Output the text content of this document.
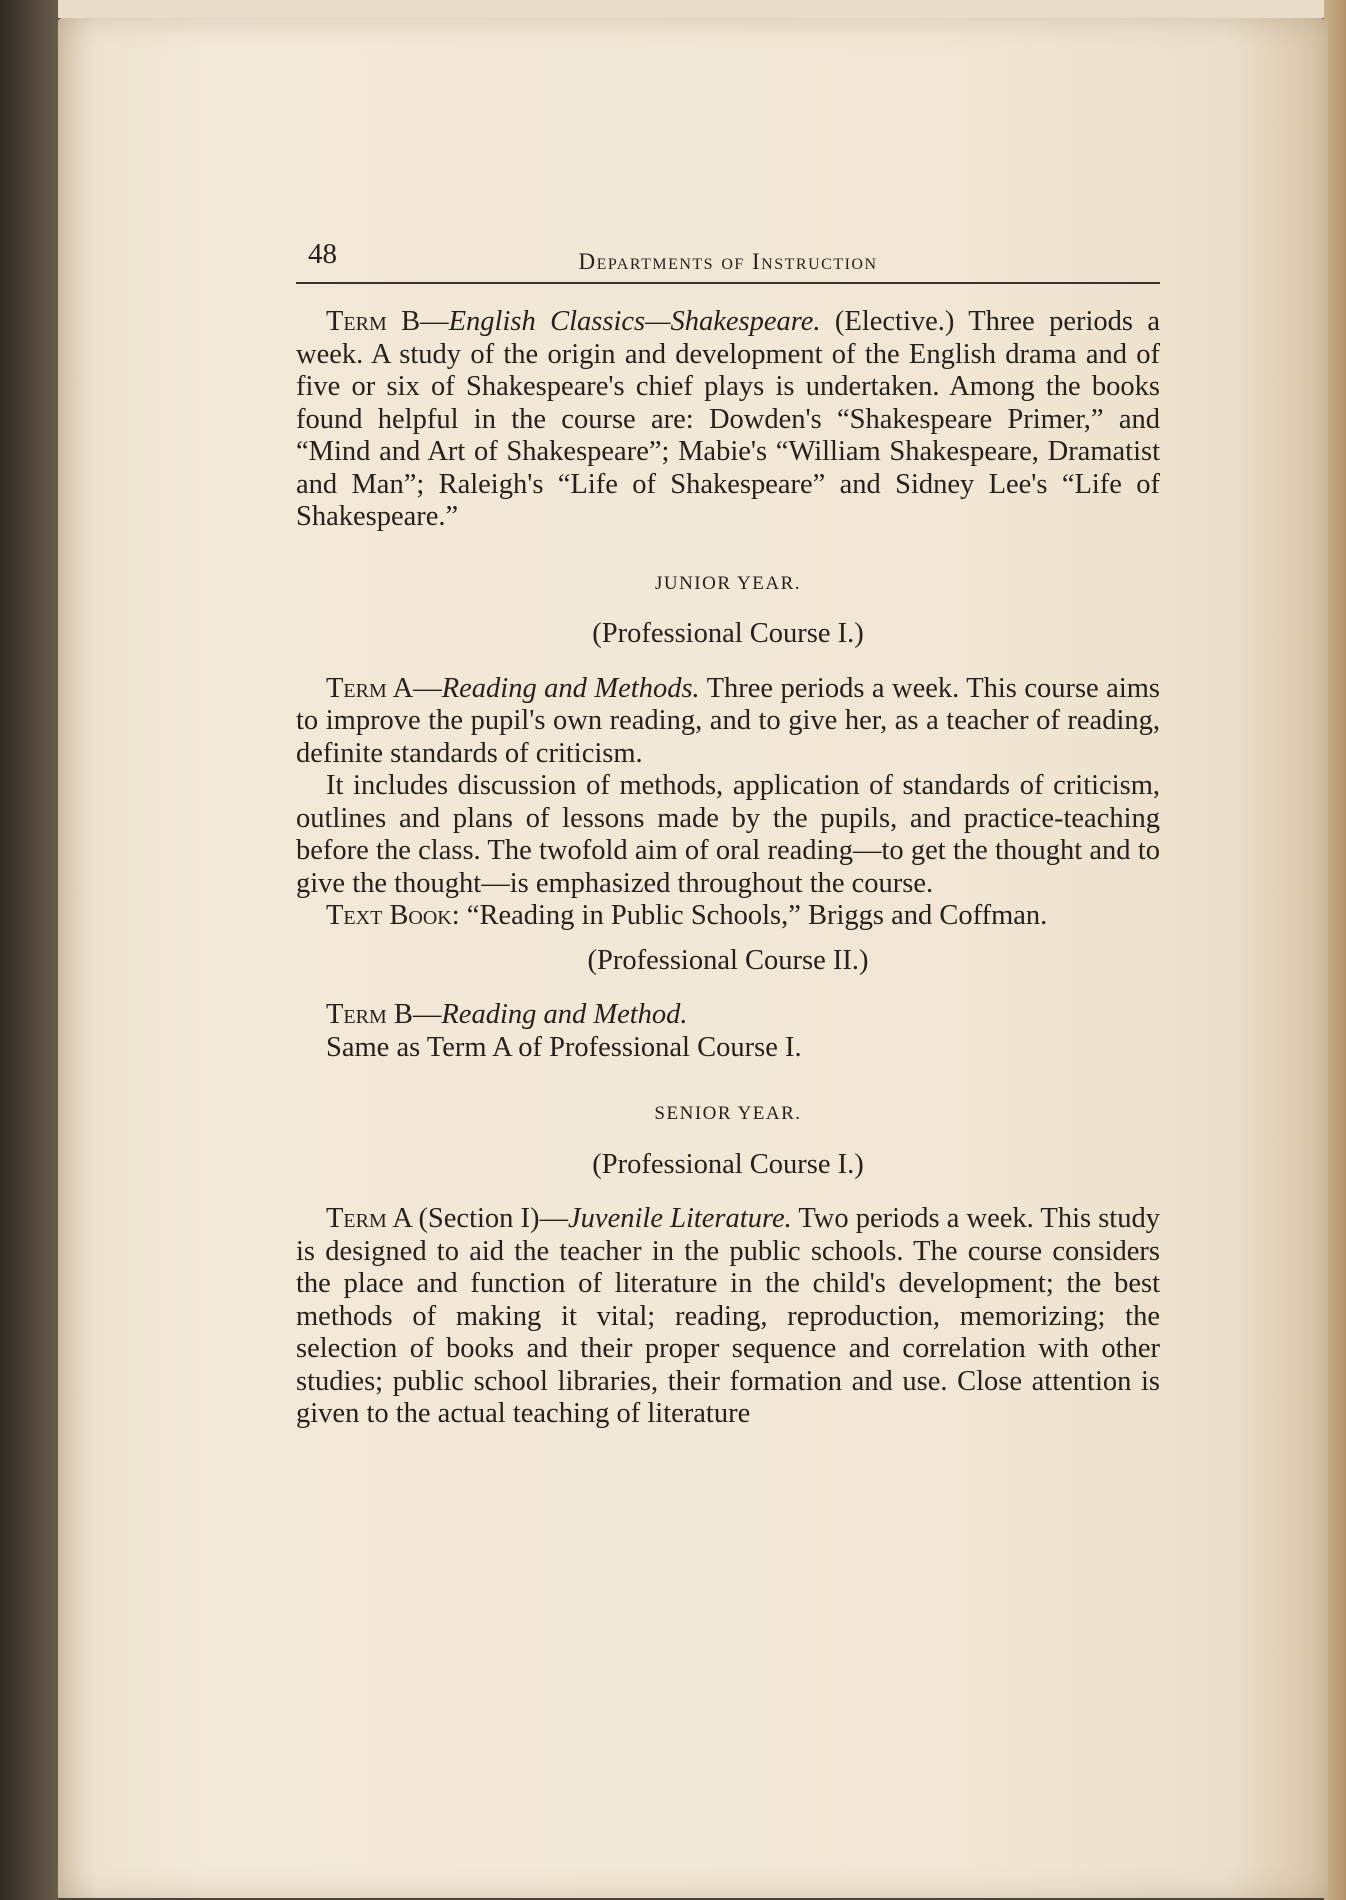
48	Departments of Instruction

Term B—English Classics—Shakespeare. (Elective.) Three periods a week. A study of the origin and development of the English drama and of five or six of Shakespeare's chief plays is undertaken. Among the books found helpful in the course are: Dowden's “Shakespeare Primer,” and “Mind and Art of Shakespeare”; Mabie's “William Shakespeare, Dramatist and Man”; Raleigh's “Life of Shakespeare” and Sidney Lee's “Life of Shakespeare.”

JUNIOR YEAR.
(Professional Course I.)

Term A—Reading and Methods. Three periods a week. This course aims to improve the pupil's own reading, and to give her, as a teacher of reading, definite standards of criticism.

It includes discussion of methods, application of standards of criticism, outlines and plans of lessons made by the pupils, and practice-teaching before the class. The twofold aim of oral reading—to get the thought and to give the thought—is emphasized throughout the course.

Text Book: “Reading in Public Schools,” Briggs and Coffman.

(Professional Course II.)

Term B—Reading and Method.

Same as Term A of Professional Course I.

SENIOR YEAR.
(Professional Course I.)

Term A (Section I)—Juvenile Literature. Two periods a week. This study is designed to aid the teacher in the public schools. The course considers the place and function of literature in the child's development; the best methods of making it vital; reading, reproduction, memorizing; the selection of books and their proper sequence and correlation with other studies; public school libraries, their formation and use. Close attention is given to the actual teaching of literature
